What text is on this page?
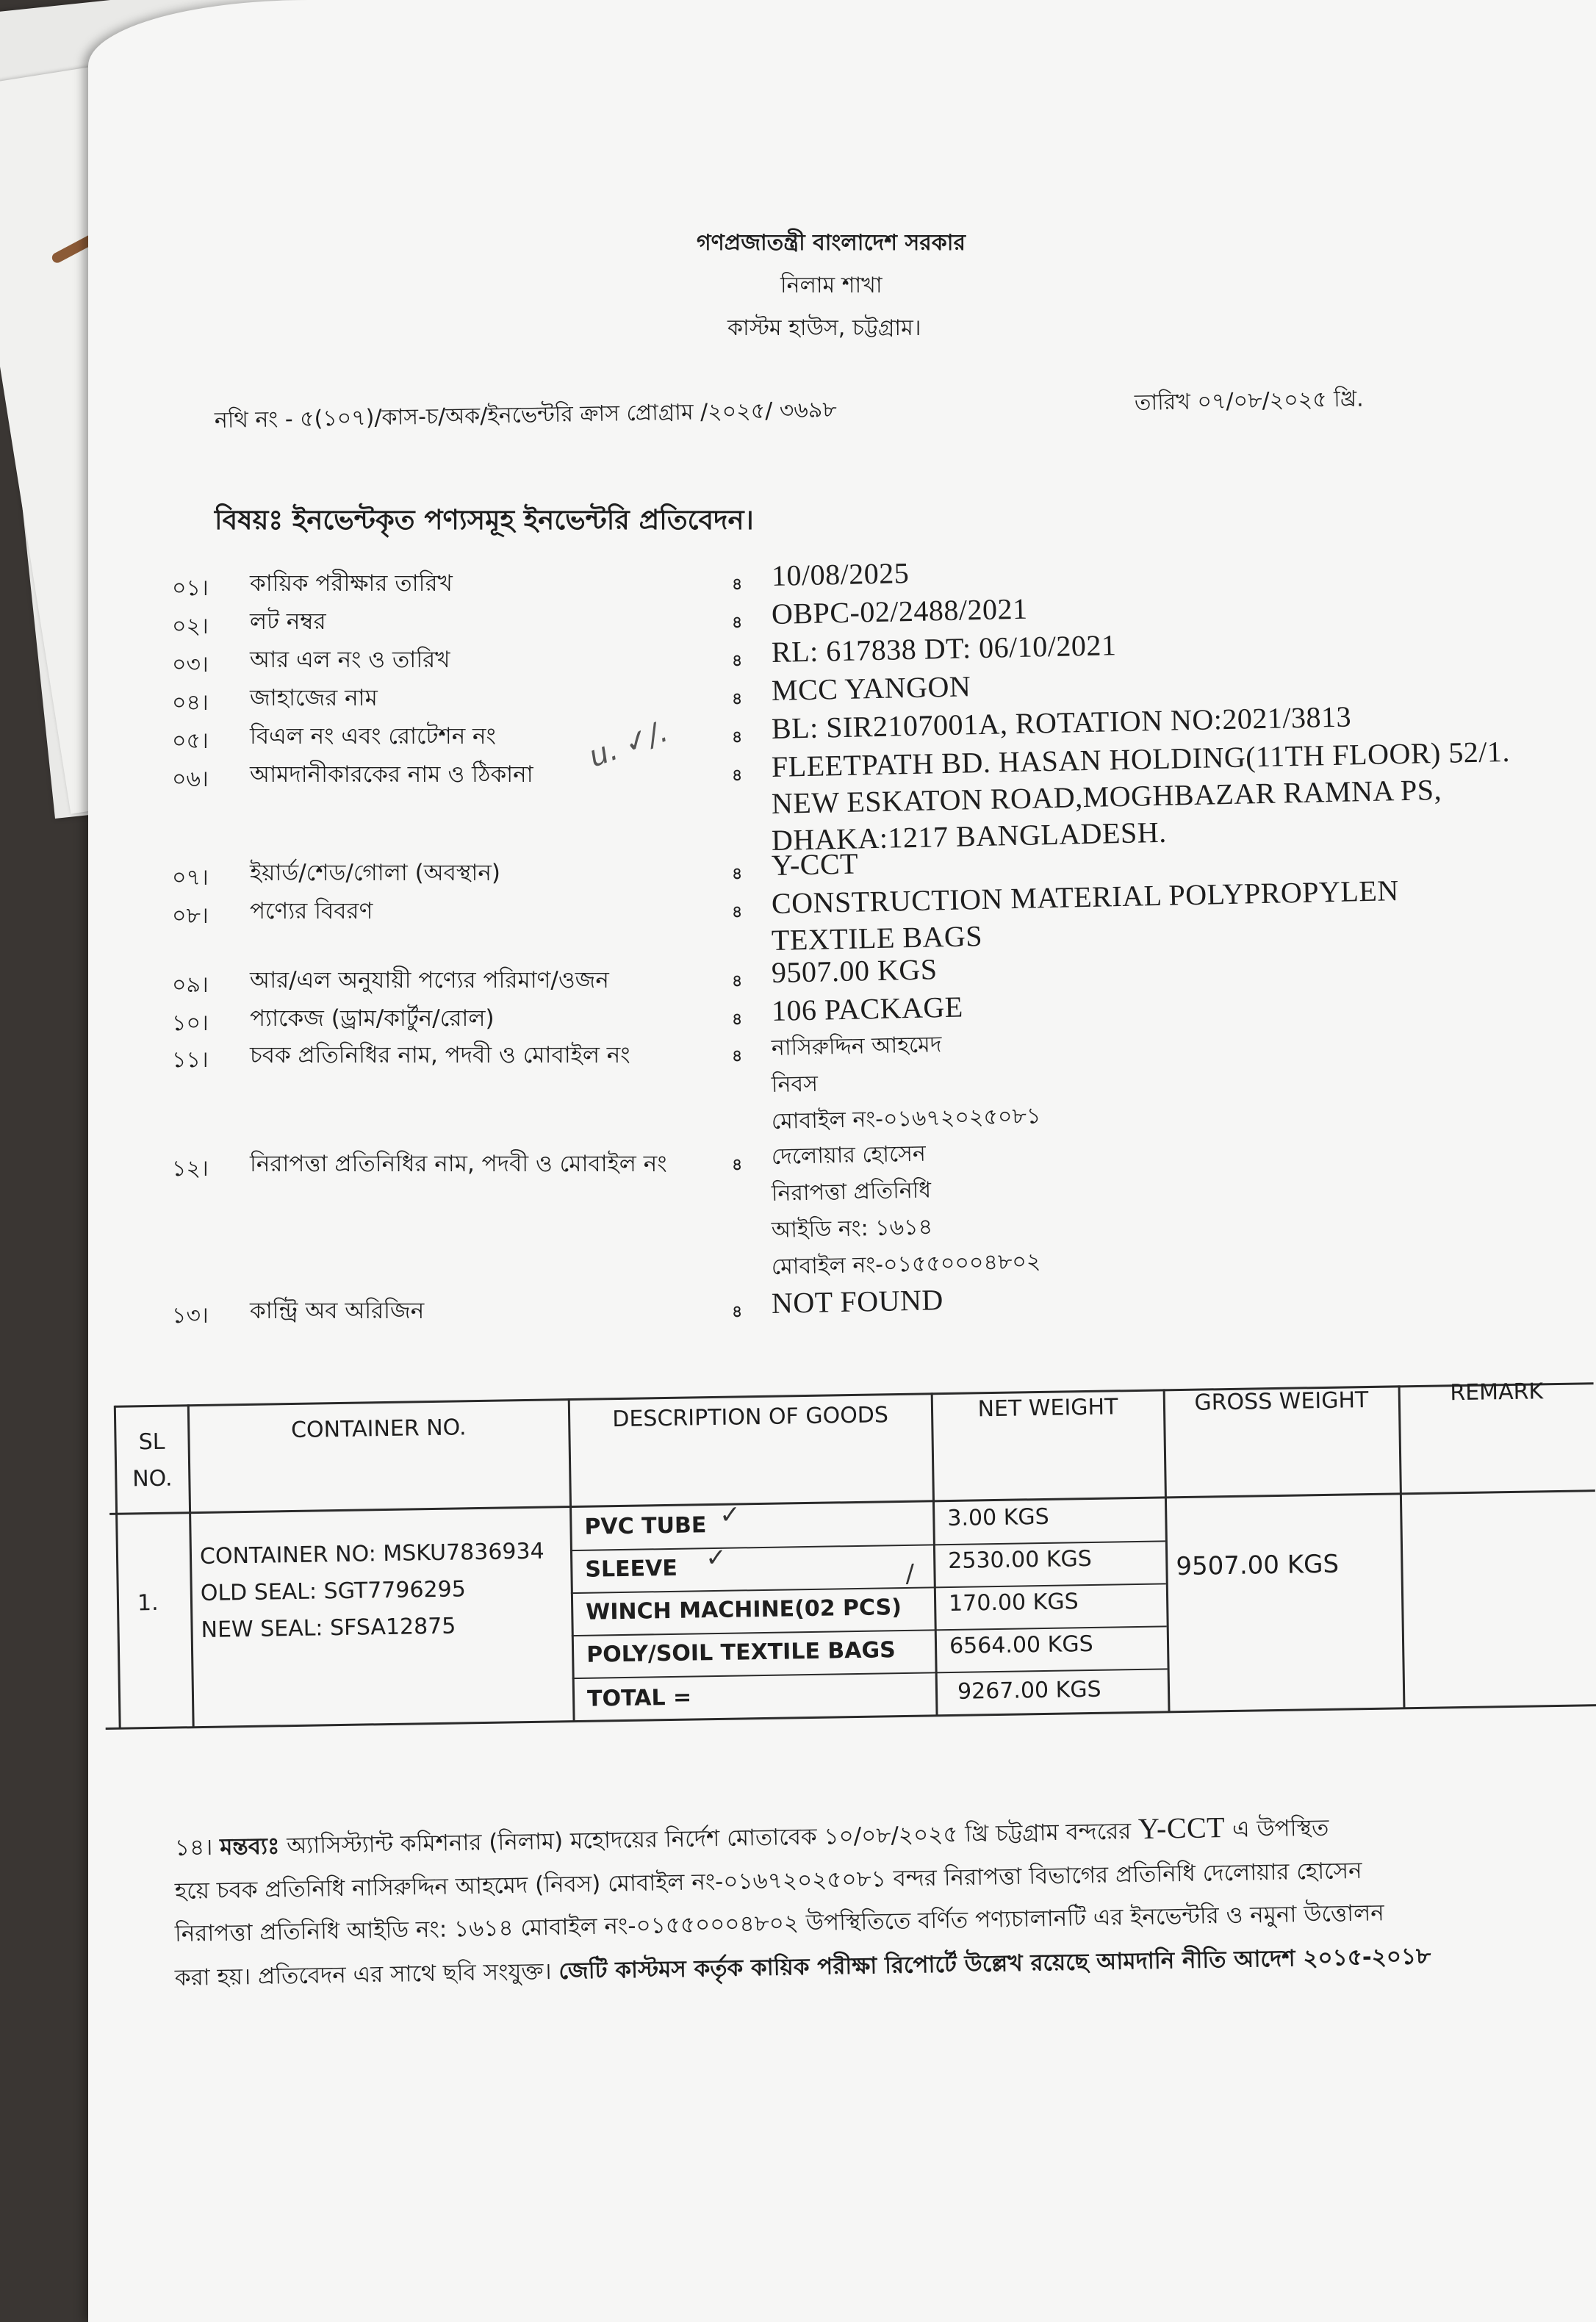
গণপ্রজাতন্ত্রী বাংলাদেশ সরকার
নিলাম শাখা
কাস্টম হাউস, চট্টগ্রাম।
নথি নং - ৫(১০৭)/কাস-চ/অক/ইনভেন্টরি ক্রাস প্রোগ্রাম /২০২৫/ ৩৬৯৮	তারিখ ০৭/০৮/২০২৫ খ্রি.
বিষয়ঃ ইনভেন্টকৃত পণ্যসমূহ ইনভেন্টরি প্রতিবেদন।
০১। কায়িক পরীক্ষার তারিখ	৪ 10/08/2025
০২। লট নম্বর	৪ OBPC-02/2488/2021
০৩। আর এল নং ও তারিখ	৪ RL: 617838 DT: 06/10/2021
০৪। জাহাজের নাম	৪ MCC YANGON
০৫। বিএল নং এবং রোটেশন নং	৪ BL: SIR2107001A, ROTATION NO:2021/3813
০৬। আমদানীকারকের নাম ও ঠিকানা	৪ FLEETPATH BD. HASAN HOLDING(11TH FLOOR) 52/1.
NEW ESKATON ROAD,MOGHBAZAR RAMNA PS,
DHAKA:1217 BANGLADESH.
০৭। ইয়ার্ড/শেড/গোলা (অবস্থান)	৪ Y-CCT
০৮। পণ্যের বিবরণ	৪ CONSTRUCTION MATERIAL POLYPROPYLEN
TEXTILE BAGS
০৯। আর/এল অনুযায়ী পণ্যের পরিমাণ/ওজন	৪ 9507.00 KGS
১০। প্যাকেজ (ড্রাম/কার্টুন/রোল)	৪ 106 PACKAGE
১১। চবক প্রতিনিধির নাম, পদবী ও মোবাইল নং	৪ নাসিরুদ্দিন আহমেদ
নিবস
মোবাইল নং-০১৬৭২০২৫০৮১
১২। নিরাপত্তা প্রতিনিধির নাম, পদবী ও মোবাইল নং	৪ দেলোয়ার হোসেন
নিরাপত্তা প্রতিনিধি
আইডি নং: ১৬১৪
মোবাইল নং-০১৫৫০০০৪৮০২
১৩। কান্ট্রি অব অরিজিন	৪ NOT FOUND
u. ✓/.
SL NO.
CONTAINER NO.	DESCRIPTION OF GOODS	NET WEIGHT	GROSS WEIGHT	REMARK
1.
CONTAINER NO: MSKU7836934
OLD SEAL: SGT7796295
NEW SEAL: SFSA12875
PVC TUBE	3.00 KGS
SLEEVE	2530.00 KGS
WINCH MACHINE(02 PCS) 170.00 KGS
POLY/SOIL TEXTILE BAGS 6564.00 KGS
TOTAL =	9267.00 KGS
9507.00 KGS
✓
✓
/
১৪। মন্তব্যঃ অ্যাসিস্ট্যান্ট কমিশনার (নিলাম) মহোদয়ের নির্দেশ মোতাবেক ১০/০৮/২০২৫ খ্রি চট্টগ্রাম বন্দরের Y-CCT এ উপস্থিত
হয়ে চবক প্রতিনিধি নাসিরুদ্দিন আহমেদ (নিবস) মোবাইল নং-০১৬৭২০২৫০৮১ বন্দর নিরাপত্তা বিভাগের প্রতিনিধি দেলোয়ার হোসেন
নিরাপত্তা প্রতিনিধি আইডি নং: ১৬১৪ মোবাইল নং-০১৫৫০০০৪৮০২ উপস্থিতিতে বর্ণিত পণ্যচালানটি এর ইনভেন্টরি ও নমুনা উত্তোলন
করা হয়। প্রতিবেদন এর সাথে ছবি সংযুক্ত। জেটি কাস্টমস কর্তৃক কায়িক পরীক্ষা রিপোর্টে উল্লেখ রয়েছে আমদানি নীতি আদেশ ২০১৫-২০১৮
